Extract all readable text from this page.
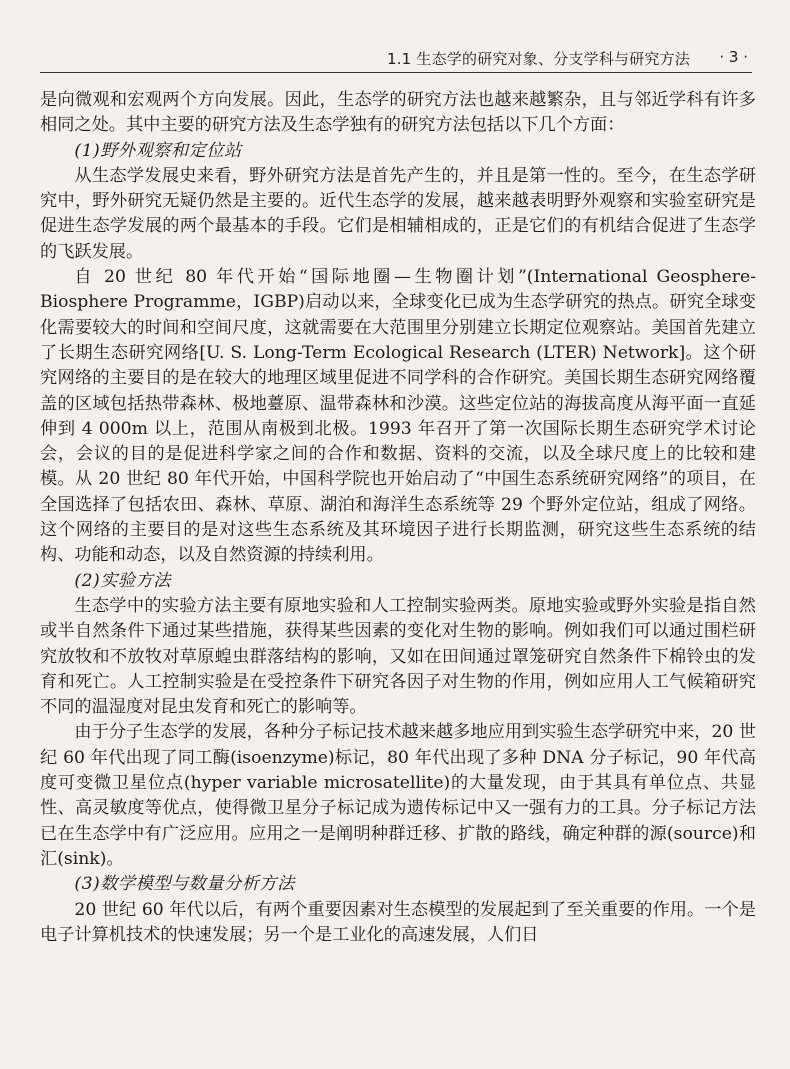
1.1 生态学的研究对象、分支学科与研究方法 · 3 ·

是向微观和宏观两个方向发展。因此，生态学的研究方法也越来越繁杂，且与邻近学科有许多相同之处。其中主要的研究方法及生态学独有的研究方法包括以下几个方面：

(1)野外观察和定位站

从生态学发展史来看，野外研究方法是首先产生的，并且是第一性的。至今，在生态学研究中，野外研究无疑仍然是主要的。近代生态学的发展，越来越表明野外观察和实验室研究是促进生态学发展的两个最基本的手段。它们是相辅相成的，正是它们的有机结合促进了生态学的飞跃发展。

自 20 世纪 80 年代开始“国际地圈—生物圈计划”(International Geosphere-Biosphere Programme，IGBP)启动以来，全球变化已成为生态学研究的热点。研究全球变化需要较大的时间和空间尺度，这就需要在大范围里分别建立长期定位观察站。美国首先建立了长期生态研究网络[U. S. Long-Term Ecological Research (LTER) Network]。这个研究网络的主要目的是在较大的地理区域里促进不同学科的合作研究。美国长期生态研究网络覆盖的区域包括热带森林、极地薹原、温带森林和沙漠。这些定位站的海拔高度从海平面一直延伸到 4 000m 以上，范围从南极到北极。1993 年召开了第一次国际长期生态研究学术讨论会，会议的目的是促进科学家之间的合作和数据、资料的交流，以及全球尺度上的比较和建模。从 20 世纪 80 年代开始，中国科学院也开始启动了“中国生态系统研究网络”的项目，在全国选择了包括农田、森林、草原、湖泊和海洋生态系统等 29 个野外定位站，组成了网络。这个网络的主要目的是对这些生态系统及其环境因子进行长期监测，研究这些生态系统的结构、功能和动态，以及自然资源的持续利用。

(2)实验方法

生态学中的实验方法主要有原地实验和人工控制实验两类。原地实验或野外实验是指自然或半自然条件下通过某些措施，获得某些因素的变化对生物的影响。例如我们可以通过围栏研究放牧和不放牧对草原蝗虫群落结构的影响，又如在田间通过罩笼研究自然条件下棉铃虫的发育和死亡。人工控制实验是在受控条件下研究各因子对生物的作用，例如应用人工气候箱研究不同的温湿度对昆虫发育和死亡的影响等。

由于分子生态学的发展，各种分子标记技术越来越多地应用到实验生态学研究中来，20 世纪 60 年代出现了同工酶(isoenzyme)标记，80 年代出现了多种 DNA 分子标记，90 年代高度可变微卫星位点(hyper variable microsatellite)的大量发现，由于其具有单位点、共显性、高灵敏度等优点，使得微卫星分子标记成为遗传标记中又一强有力的工具。分子标记方法已在生态学中有广泛应用。应用之一是阐明种群迁移、扩散的路线，确定种群的源(source)和汇(sink)。

(3)数学模型与数量分析方法

20 世纪 60 年代以后，有两个重要因素对生态模型的发展起到了至关重要的作用。一个是电子计算机技术的快速发展；另一个是工业化的高速发展，人们日
